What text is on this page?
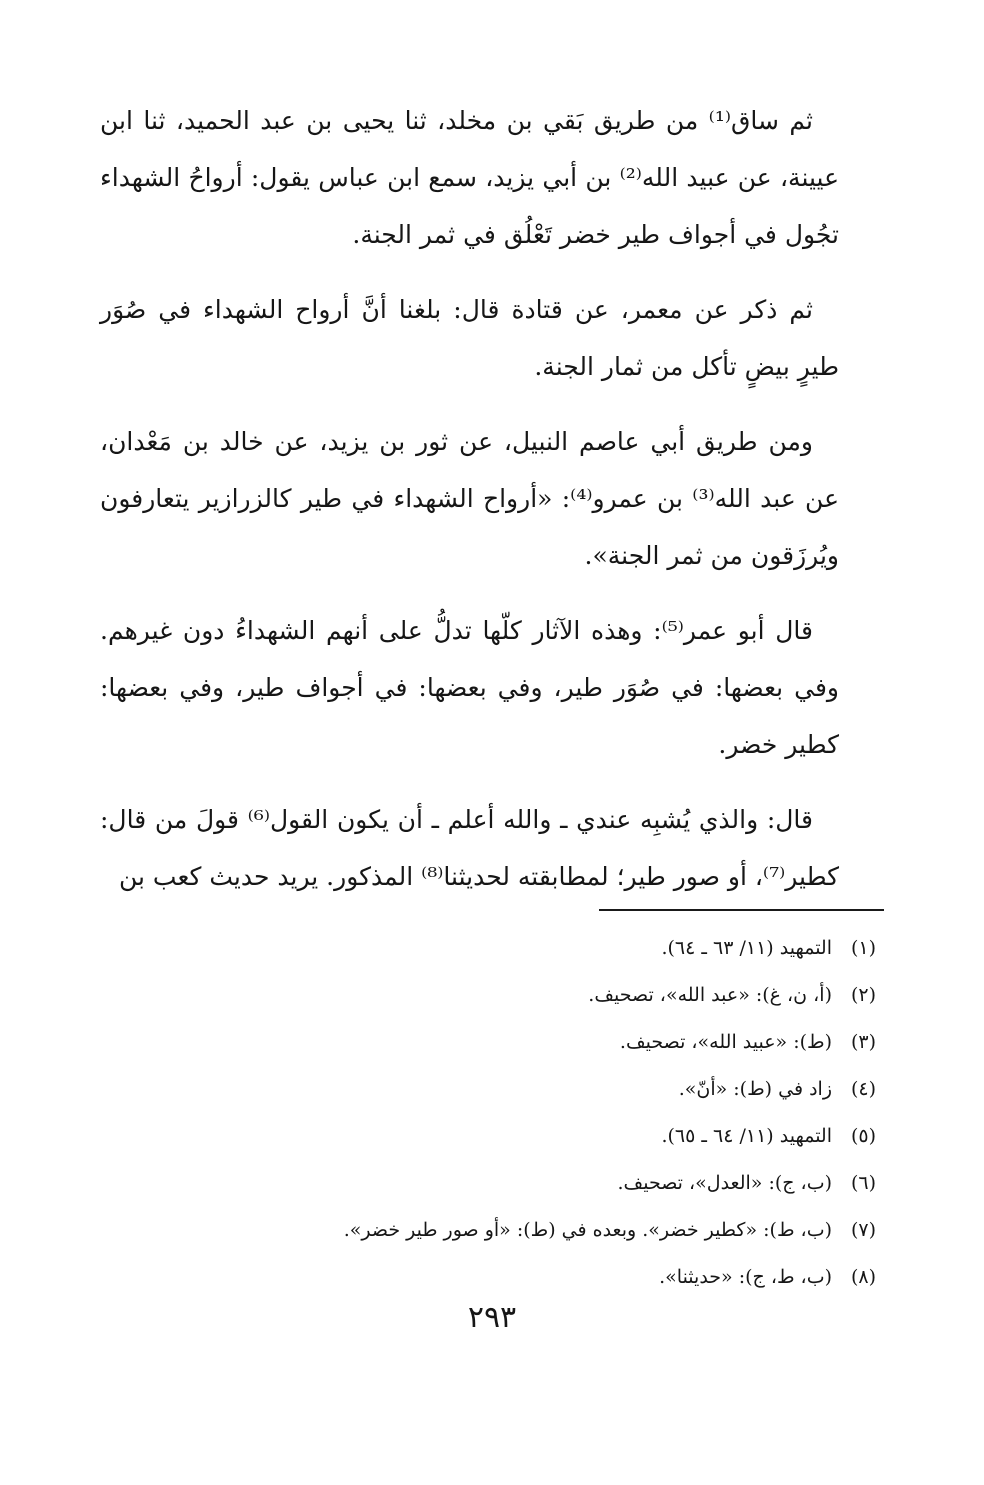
ثم ساق⁽¹⁾ من طريق بَقي بن مخلد، ثنا يحيى بن عبد الحميد، ثنا ابن عيينة، عن عبيد الله⁽²⁾ بن أبي يزيد، سمع ابن عباس يقول: أرواحُ الشهداء تجُول في أجواف طير خضر تَعْلُق في ثمر الجنة.

ثم ذكر عن معمر، عن قتادة قال: بلغنا أنَّ أرواح الشهداء في صُوَر طيرٍ بيضٍ تأكل من ثمار الجنة.

ومن طريق أبي عاصم النبيل، عن ثور بن يزيد، عن خالد بن مَعْدان، عن عبد الله⁽³⁾ بن عمرو⁽⁴⁾: «أرواح الشهداء في طير كالزرازير يتعارفون ويُرزَقون من ثمر الجنة».

قال أبو عمر⁽⁵⁾: وهذه الآثار كلّها تدلُّ على أنهم الشهداءُ دون غيرهم. وفي بعضها: في صُوَر طير، وفي بعضها: في أجواف طير، وفي بعضها: كطير خضر.

قال: والذي يُشبِه عندي ـ والله أعلم ـ أن يكون القول⁽⁶⁾ قولَ من قال: كطير⁽⁷⁾، أو صور طير؛ لمطابقته لحديثنا⁽⁸⁾ المذكور. يريد حديث كعب بن

(١)التمهيد (١١/ ٦٣ ـ ٦٤).
(٢)(أ، ن، غ): «عبد الله»، تصحيف.
(٣)(ط): «عبيد الله»، تصحيف.
(٤)زاد في (ط): «أنّ».
(٥)التمهيد (١١/ ٦٤ ـ ٦٥).
(٦)(ب، ج): «العدل»، تصحيف.
(٧)(ب، ط): «كطير خضر». وبعده في (ط): «أو صور طير خضر».
(٨)(ب، ط، ج): «حديثنا».
٢٩٣
